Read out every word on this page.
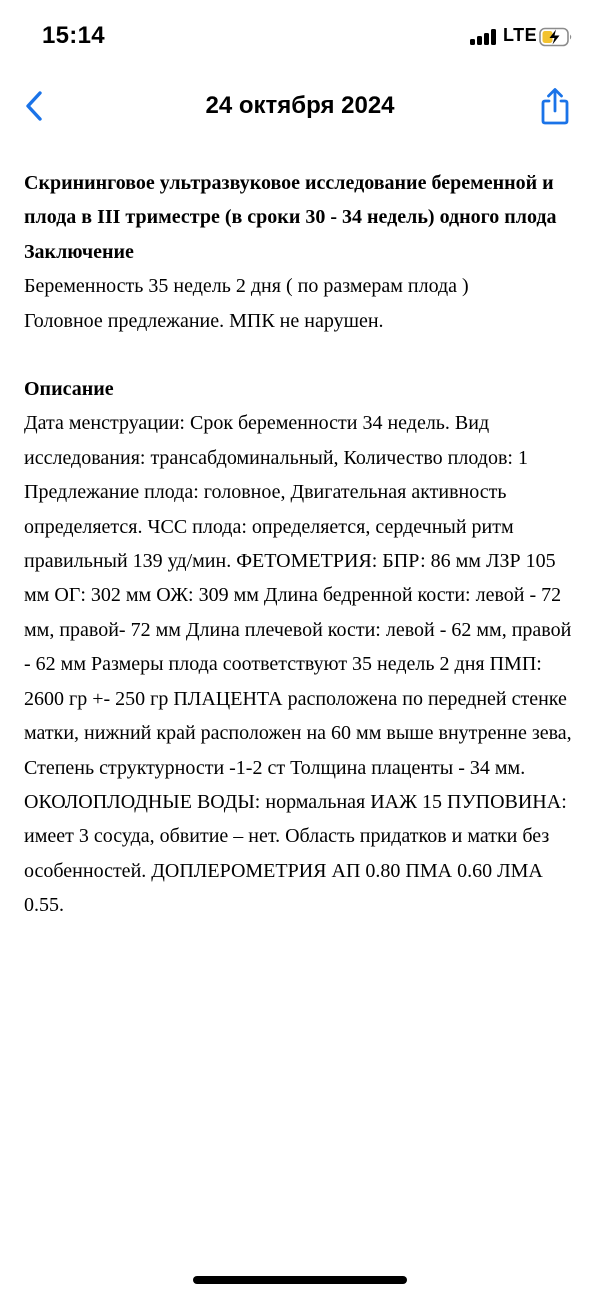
15:14	LTE
24 октября 2024

Скрининговое ультразвуковое исследование беременной и плода в III триместре (в сроки 30 - 34 недель) одного плода

Заключение

Беременность 35 недель 2 дня ( по размерам плода )

Головное предлежание. МПК не нарушен.

Описание

Дата менструации: Срок беременности 34 недель. Вид исследования: трансабдоминальный, Количество плодов: 1 Предлежание плода: головное, Двигательная активность определяется. ЧСС плода: определяется, сердечный ритм правильный 139 уд/мин. ФЕТОМЕТРИЯ: БПР: 86 мм ЛЗР 105 мм ОГ: 302 мм ОЖ: 309 мм Длина бедренной кости: левой - 72 мм, правой- 72 мм Длина плечевой кости: левой - 62 мм, правой - 62 мм Размеры плода соответствуют 35 недель 2 дня ПМП: 2600 гр +- 250 гр ПЛАЦЕНТА расположена по передней стенке матки, нижний край расположен на 60 мм выше внутренне зева, Степень структурности -1-2 ст Толщина плаценты - 34 мм. ОКОЛОПЛОДНЫЕ ВОДЫ: нормальная ИАЖ 15 ПУПОВИНА: имеет 3 сосуда, обвитие – нет. Область придатков и матки без особенностей. ДОПЛЕРОМЕТРИЯ АП 0.80 ПМА 0.60 ЛМА 0.55.
